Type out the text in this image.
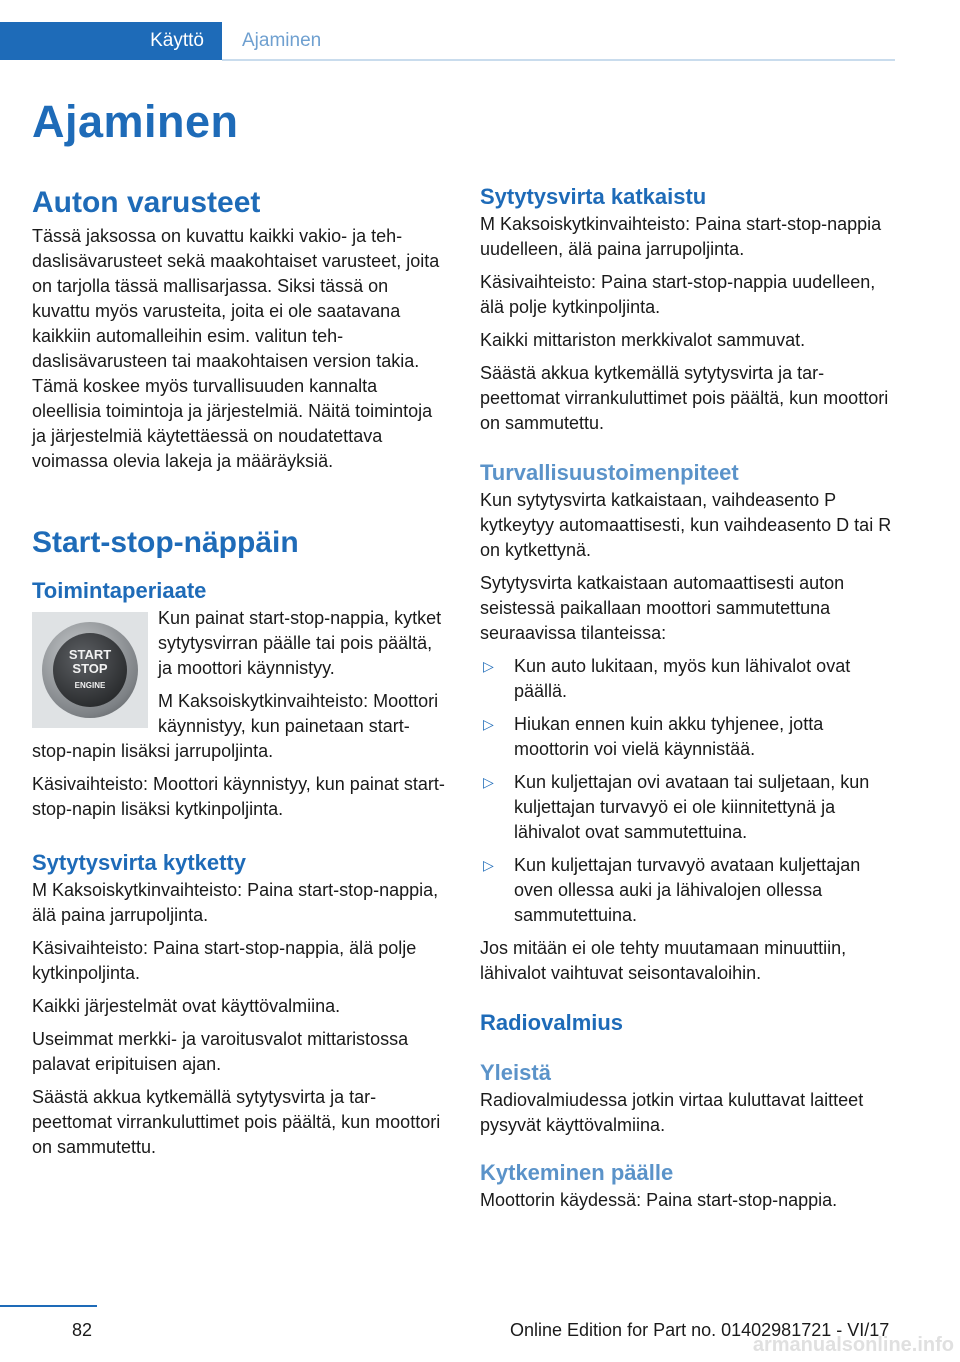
Käyttö Ajaminen
Ajaminen
Auton varusteet

Tässä jaksossa on kuvattu kaikki vakio- ja tehdaslisävarusteet sekä maakohtaiset varusteet, joita on tarjolla tässä mallisarjassa. Siksi tässä on kuvattu myös varusteita, joita ei ole saatavana kaikkiin automalleihin esim. valitun tehdaslisävarusteen tai maakohtaisen version takia. Tämä koskee myös turvallisuuden kannalta oleellisia toimintoja ja järjestelmiä. Näitä toimintoja ja järjestelmiä käytettäessä on noudatettava voimassa olevia lakeja ja määräyksiä.

Start-stop-näppäin
Toimintaperiaate
START
STOP
ENGINE

Kun painat start-stop-nappia, kytket sytytysvirran päälle tai pois päältä, ja moottori käynnistyy.

M Kaksoiskytkinvaihteisto: Moottori käynnistyy, kun painetaan start-stop-napin lisäksi jarrupoljinta.

Käsivaihteisto: Moottori käynnistyy, kun painat start-stop-napin lisäksi kytkinpoljinta.

Sytytysvirta kytketty

M Kaksoiskytkinvaihteisto: Paina start-stop-nappia, älä paina jarrupoljinta.

Käsivaihteisto: Paina start-stop-nappia, älä polje kytkinpoljinta.

Kaikki järjestelmät ovat käyttövalmiina.

Useimmat merkki- ja varoitusvalot mittaristossa palavat eripituisen ajan.

Säästä akkua kytkemällä sytytysvirta ja tarpeettomat virrankuluttimet pois päältä, kun moottori on sammutettu.

Sytytysvirta katkaistu

M Kaksoiskytkinvaihteisto: Paina start-stop-nappia uudelleen, älä paina jarrupoljinta.

Käsivaihteisto: Paina start-stop-nappia uudelleen, älä polje kytkinpoljinta.

Kaikki mittariston merkkivalot sammuvat.

Säästä akkua kytkemällä sytytysvirta ja tarpeettomat virrankuluttimet pois päältä, kun moottori on sammutettu.

Turvallisuustoimenpiteet

Kun sytytysvirta katkaistaan, vaihdeasento P kytkeytyy automaattisesti, kun vaihdeasento D tai R on kytkettynä.

Sytytysvirta katkaistaan automaattisesti auton seistessä paikallaan moottori sammutettuna seuraavissa tilanteissa:

▷ Kun auto lukitaan, myös kun lähivalot ovat päällä.
▷ Hiukan ennen kuin akku tyhjenee, jotta moottorin voi vielä käynnistää.
▷ Kun kuljettajan ovi avataan tai suljetaan, kun kuljettajan turvavyö ei ole kiinnitettynä ja lähivalot ovat sammutettuina.
▷ Kun kuljettajan turvavyö avataan kuljettajan oven ollessa auki ja lähivalojen ollessa sammutettuina.

Jos mitään ei ole tehty muutamaan minuuttiin, lähivalot vaihtuvat seisontavaloihin.

Radiovalmius
Yleistä

Radiovalmiudessa jotkin virtaa kuluttavat laitteet pysyvät käyttövalmiina.

Kytkeminen päälle

Moottorin käydessä: Paina start-stop-nappia.

82	Online Edition for Part no. 01402981721 - VI/17
armanualsonline.info
